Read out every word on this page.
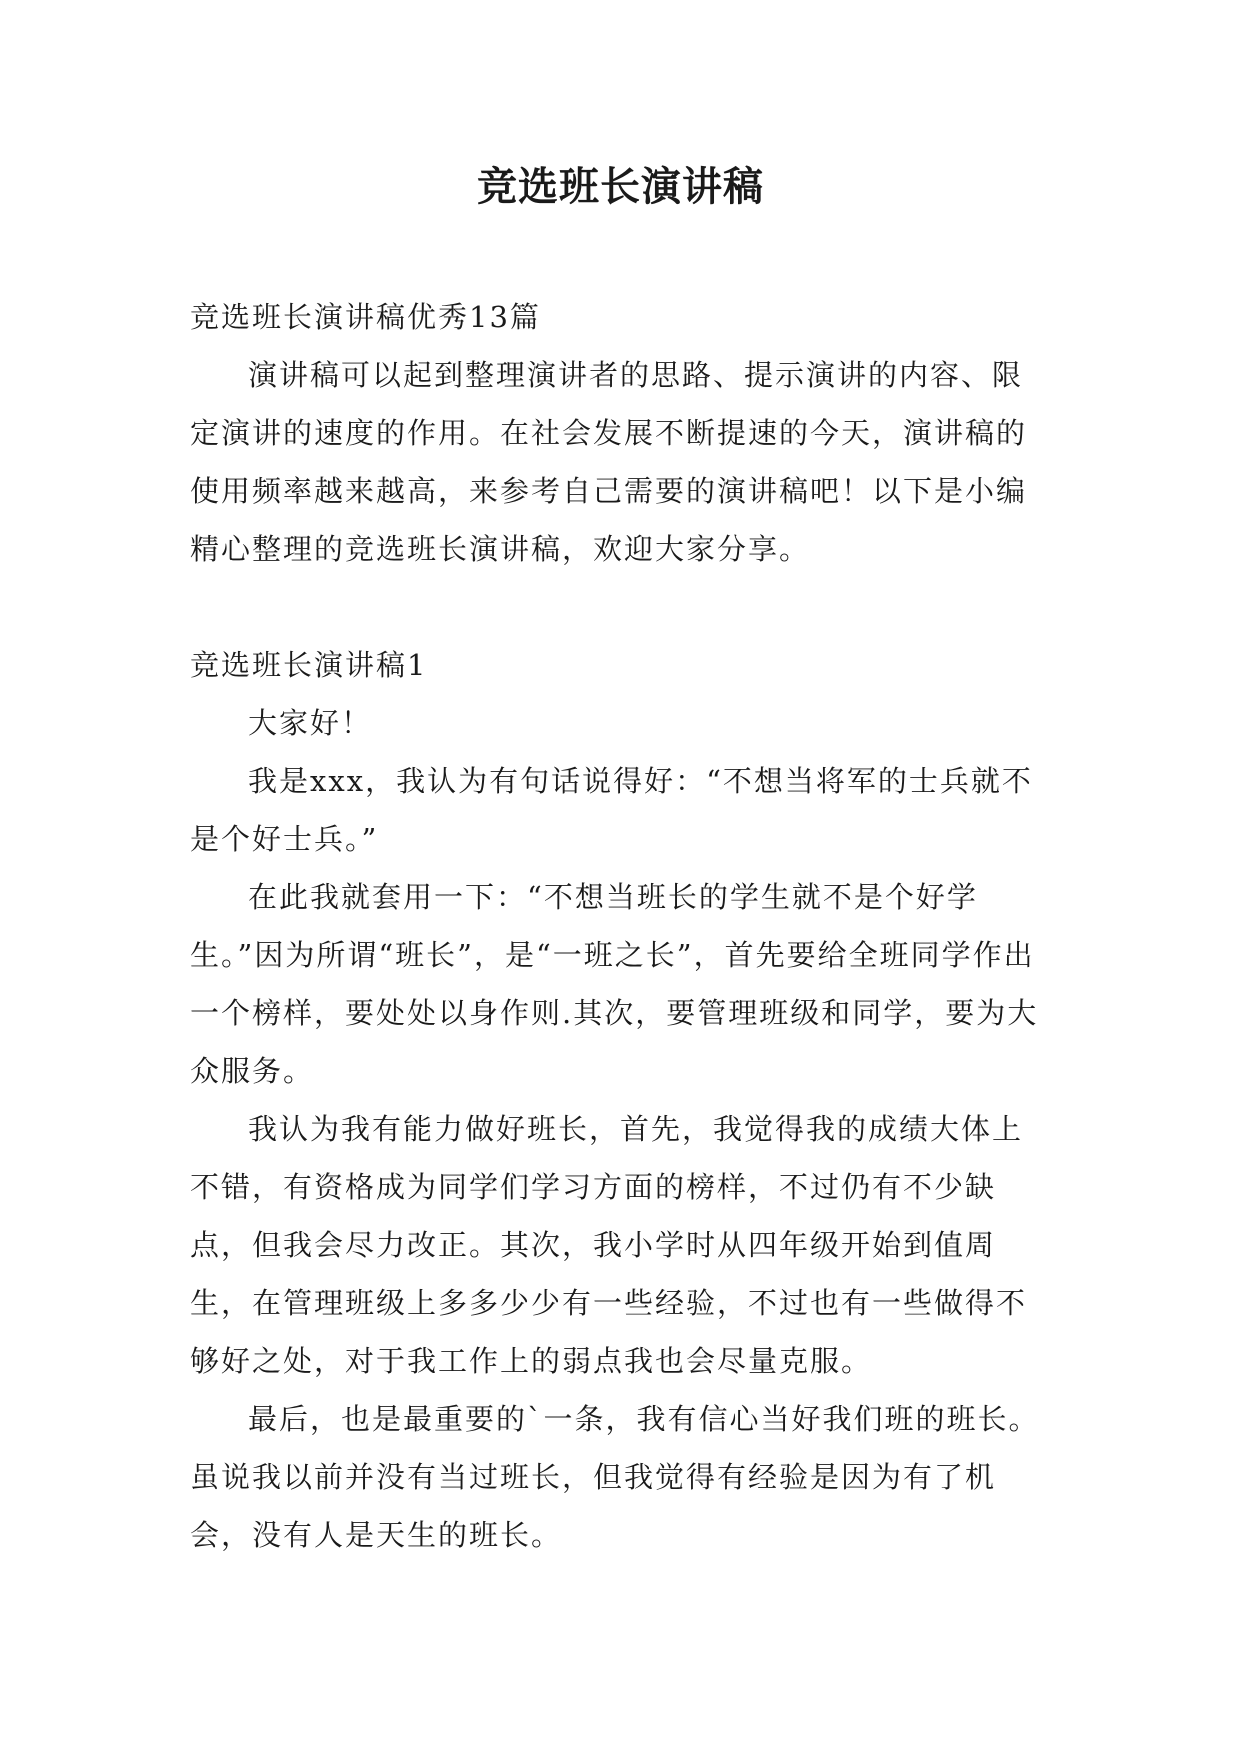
竞选班长演讲稿

竞选班长演讲稿优秀13篇

演讲稿可以起到整理演讲者的思路、提示演讲的内容、限定演讲的速度的作用。在社会发展不断提速的今天，演讲稿的使用频率越来越高，来参考自己需要的演讲稿吧！以下是小编精心整理的竞选班长演讲稿，欢迎大家分享。

竞选班长演讲稿1

大家好！

我是xxx，我认为有句话说得好：“不想当将军的士兵就不是个好士兵。”

在此我就套用一下：“不想当班长的学生就不是个好学生。”因为所谓“班长”，是“一班之长”，首先要给全班同学作出一个榜样，要处处以身作则.其次，要管理班级和同学，要为大众服务。

我认为我有能力做好班长，首先，我觉得我的成绩大体上不错，有资格成为同学们学习方面的榜样，不过仍有不少缺点，但我会尽力改正。其次，我小学时从四年级开始到值周生，在管理班级上多多少少有一些经验，不过也有一些做得不够好之处，对于我工作上的弱点我也会尽量克服。

最后，也是最重要的`一条，我有信心当好我们班的班长。虽说我以前并没有当过班长，但我觉得有经验是因为有了机会，没有人是天生的班长。
